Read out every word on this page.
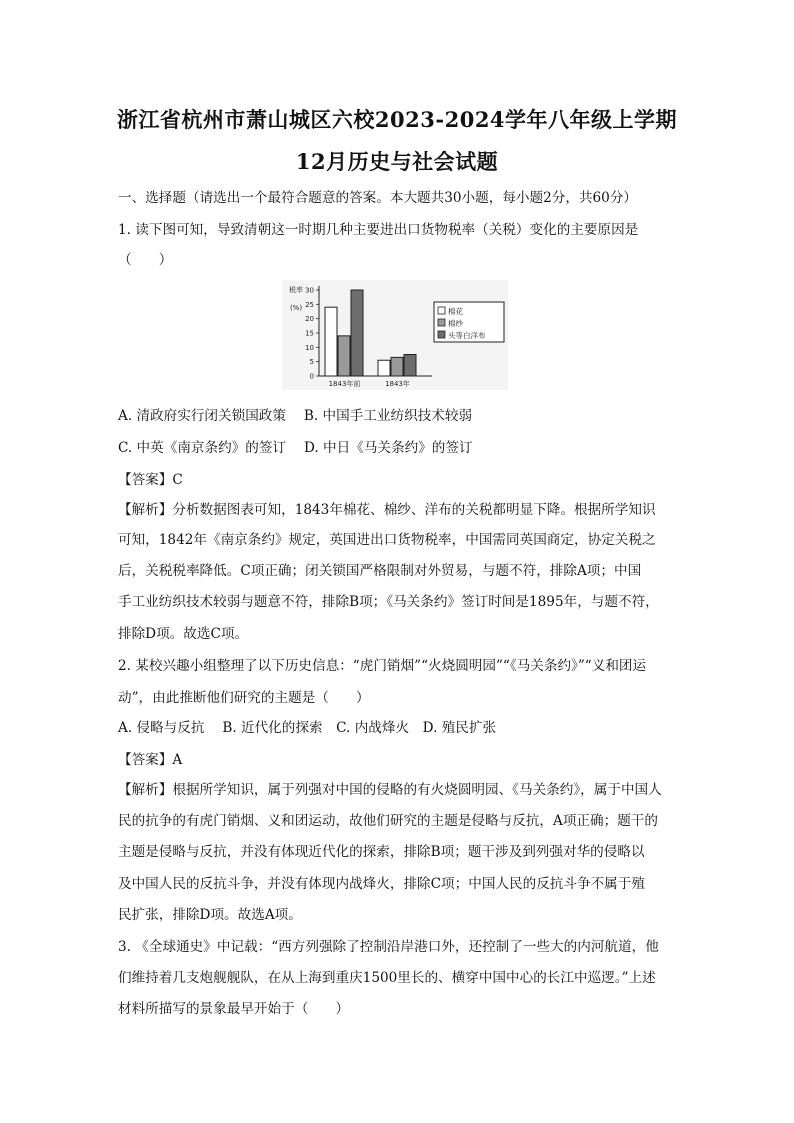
浙江省杭州市萧山城区六校2023-2024学年八年级上学期
12月历史与社会试题
一、选择题（请选出一个最符合题意的答案。本大题共30小题，每小题2分，共60分）
1. 读下图可知，导致清朝这一时期几种主要进出口货物税率（关税）变化的主要原因是
（　　）
税率
(%)
0
5
10
15
20
25
30
1843年前	1843年
棉花
棉纱
头等白洋布
A. 清政府实行闭关锁国政策　 B. 中国手工业纺织技术较弱
C. 中英《南京条约》的签订　 D. 中日《马关条约》的签订
【答案】C
【解析】分析数据图表可知，1843年棉花、棉纱、洋布的关税都明显下降。根据所学知识
可知，1842年《南京条约》规定，英国进出口货物税率，中国需同英国商定，协定关税之
后，关税税率降低。C项正确；闭关锁国严格限制对外贸易，与题不符，排除A项；中国
手工业纺织技术较弱与题意不符，排除B项；《马关条约》签订时间是1895年，与题不符，
排除D项。故选C项。
2. 某校兴趣小组整理了以下历史信息：“虎门销烟”“火烧圆明园”“《马关条约》”“义和团运
动”，由此推断他们研究的主题是（　　）
A. 侵略与反抗　 B. 近代化的探索　C. 内战烽火　D. 殖民扩张
【答案】A
【解析】根据所学知识，属于列强对中国的侵略的有火烧圆明园、《马关条约》，属于中国人
民的抗争的有虎门销烟、义和团运动，故他们研究的主题是侵略与反抗，A项正确；题干的
主题是侵略与反抗，并没有体现近代化的探索，排除B项；题干涉及到列强对华的侵略以
及中国人民的反抗斗争，并没有体现内战烽火，排除C项；中国人民的反抗斗争不属于殖
民扩张，排除D项。故选A项。
3. 《全球通史》中记载：“西方列强除了控制沿岸港口外，还控制了一些大的内河航道，他
们维持着几支炮舰舰队，在从上海到重庆1500里长的、横穿中国中心的长江中巡逻。”上述
材料所描写的景象最早开始于（　　）
